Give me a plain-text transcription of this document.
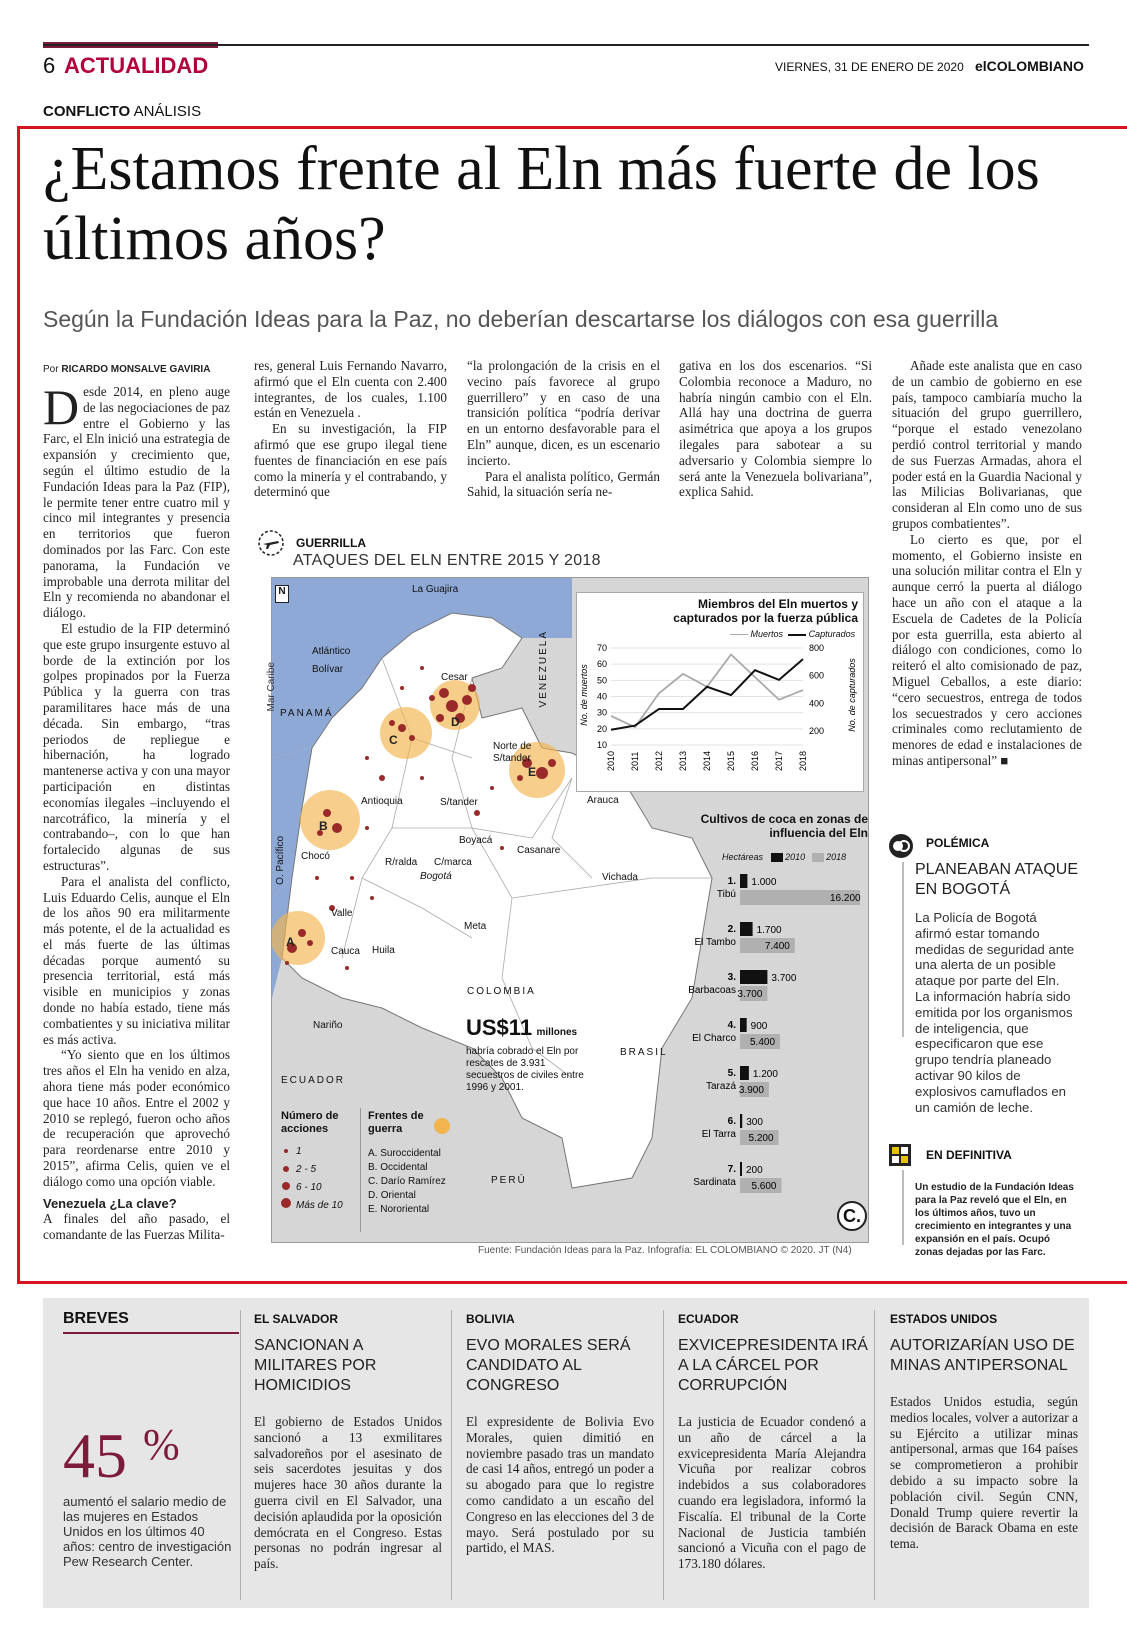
6 ACTUALIDAD	VIERNES, 31 DE ENERO DE 2020 elCOLOMBIANO
CONFLICTO ANÁLISIS
¿Estamos frente al Eln más fuerte de los últimos años?
Según la Fundación Ideas para la Paz, no deberían descartarse los diálogos con esa guerrilla
Por RICARDO MONSALVE GAVIRIA
D esde 2014, en pleno auge de las negociaciones de paz entre el Gobierno y las Farc, el Eln inició una estrategia de expansión y crecimiento que, según el último estudio de la Fundación Ideas para la Paz (FIP), le permite tener entre cuatro mil y cinco mil integrantes y presencia en territorios que fueron dominados por las Farc. Con este panorama, la Fundación ve improbable una derrota militar del Eln y recomienda no abandonar el diálogo.

El estudio de la FIP determinó que este grupo insurgente estuvo al borde de la extinción por los golpes propinados por la Fuerza Pública y la guerra con tras paramilitares hace más de una década. Sin embargo, “tras periodos de repliegue e hibernación, ha logrado mantenerse activa y con una mayor participación en distintas economías ilegales –incluyendo el narcotráfico, la minería y el contrabando–, con lo que han fortalecido algunas de sus estructuras”.

Para el analista del conflicto, Luis Eduardo Celis, aunque el Eln de los años 90 era militarmente más potente, el de la actualidad es el más fuerte de las últimas décadas porque aumentó su presencia territorial, está más visible en municipios y zonas donde no había estado, tiene más combatientes y su iniciativa militar es más activa.

“Yo siento que en los últimos tres años el Eln ha venido en alza, ahora tiene más poder económico que hace 10 años. Entre el 2002 y 2010 se replegó, fueron ocho años de recuperación que aprovechó para reordenarse entre 2010 y 2015”, afirma Celis, quien ve el diálogo como una opción viable.

Venezuela ¿La clave?

A finales del año pasado, el comandante de las Fuerzas Milita-

res, general Luis Fernando Navarro, afirmó que el Eln cuenta con 2.400 integrantes, de los cuales, 1.100 están en Venezuela .

En su investigación, la FIP afirmó que ese grupo ilegal tiene fuentes de financiación en ese país como la minería y el contrabando, y determinó que

“la prolongación de la crisis en el vecino país favorece al grupo guerrillero” y en caso de una transición política “podría derivar en un entorno desfavorable para el Eln” aunque, dicen, es un escenario incierto.

Para el analista político, Germán Sahid, la situación sería ne-

gativa en los dos escenarios. “Si Colombia reconoce a Maduro, no habría ningún cambio con el Eln. Allá hay una doctrina de guerra asimétrica que apoya a los grupos ilegales para sabotear a su adversario y Colombia siempre lo será ante la Venezuela bolivariana”, explica Sahid.

Añade este analista que en caso de un cambio de gobierno en ese país, tampoco cambiaría mucho la situación del grupo guerrillero, “porque el estado venezolano perdió control territorial y mando de sus Fuerzas Armadas, ahora el poder está en la Guardia Nacional y las Milicias Bolivarianas, que consideran al Eln como uno de sus grupos combatientes”.

Lo cierto es que, por el momento, el Gobierno insiste en una solución militar contra el Eln y aunque cerró la puerta al diálogo hace un año con el ataque a la Escuela de Cadetes de la Policía por esta guerrilla, esta abierto al diálogo con condiciones, como lo reiteró el alto comisionado de paz, Miguel Ceballos, a este diario: “cero secuestros, entrega de todos los secuestrados y cero acciones criminales como reclutamiento de menores de edad e instalaciones de minas antipersonal” ■

GUERRILLA
ATAQUES DEL ELN ENTRE 2015 Y 2018
A
B
C
D
E
N	La Guajira
Atlántico
Bolívar
Cesar
Mar Caribe
PANAMÁ
VENEZUELA
Norte de S/tander
Antioquia	S/tander	Arauca
O. Pacífico Chocó
R/ralda C/marca
Boyacá
Casanare
Bogotá	Vichada
Valle
Cauca Huila
Meta
COLOMBIA
Nariño
ECUADOR
BRASIL
PERÚ
US$11 millones
habría cobrado el Eln por rescates de 3.931 secuestros de civiles entre 1996 y 2001.
Número de acciones
1
2 - 5
6 - 10
Más de 10
Frentes de guerra
A. Suroccidental
B. Occidental
C. Darío Ramírez
D. Oriental
E. Nororiental
Miembros del Eln muertos y capturados por la fuerza pública
Muertos	Capturados
10
20
30
40
50
60
70
200
400
600
800
2010 2011 2012 2013 2014 2015 2016 2017 2018
No. de muertos	No. de capturados
Cultivos de coca en zonas de influencia del Eln
Hectáreas 2010 2018
1.
Tibú
1.000
16.200
2.
El Tambo
1.700
7.400
3.
Barbacoas
3.700
3.700
4.
El Charco
900
5.400
5.
Tarazá
1.200
3.900
6.
El Tarra
300
5.200
7.
Sardinata
200
5.600
C.
Fuente: Fundación Ideas para la Paz. Infografía: EL COLOMBIANO © 2020. JT (N4)
POLÉMICA
PLANEABAN ATAQUE EN BOGOTÁ
La Policía de Bogotá afirmó estar tomando medidas de seguridad ante una alerta de un posible ataque por parte del Eln. La información habría sido emitida por los organismos de inteligencia, que especificaron que ese grupo tendría planeado activar 90 kilos de explosivos camuflados en un camión de leche.
EN DEFINITIVA
Un estudio de la Fundación Ideas para la Paz reveló que el Eln, en los últimos años, tuvo un crecimiento en integrantes y una expansión en el país. Ocupó zonas dejadas por las Farc.
BREVES
45 %
aumentó el salario medio de las mujeres en Estados Unidos en los últimos 40 años: centro de investigación Pew Research Center.
EL SALVADOR
SANCIONAN A MILITARES POR HOMICIDIOS
El gobierno de Estados Unidos sancionó a 13 exmilitares salvadoreños por el asesinato de seis sacerdotes jesuitas y dos mujeres hace 30 años durante la guerra civil en El Salvador, una decisión aplaudida por la oposición demócrata en el Congreso. Estas personas no podrán ingresar al país.
BOLIVIA
EVO MORALES SERÁ CANDIDATO AL CONGRESO
El expresidente de Bolivia Evo Morales, quien dimitió en noviembre pasado tras un mandato de casi 14 años, entregó un poder a su abogado para que lo registre como candidato a un escaño del Congreso en las elecciones del 3 de mayo. Será postulado por su partido, el MAS.
ECUADOR
EXVICEPRESIDENTA IRÁ A LA CÁRCEL POR CORRUPCIÓN
La justicia de Ecuador condenó a un año de cárcel a la exvicepresidenta María Alejandra Vicuña por realizar cobros indebidos a sus colaboradores cuando era legisladora, informó la Fiscalía. El tribunal de la Corte Nacional de Justicia también sancionó a Vicuña con el pago de 173.180 dólares.
ESTADOS UNIDOS
AUTORIZARÍAN USO DE MINAS ANTIPERSONAL
Estados Unidos estudia, según medios locales, volver a autorizar a su Ejército a utilizar minas antipersonal, armas que 164 países se comprometieron a prohibir debido a su impacto sobre la población civil. Según CNN, Donald Trump quiere revertir la decisión de Barack Obama en este tema.
